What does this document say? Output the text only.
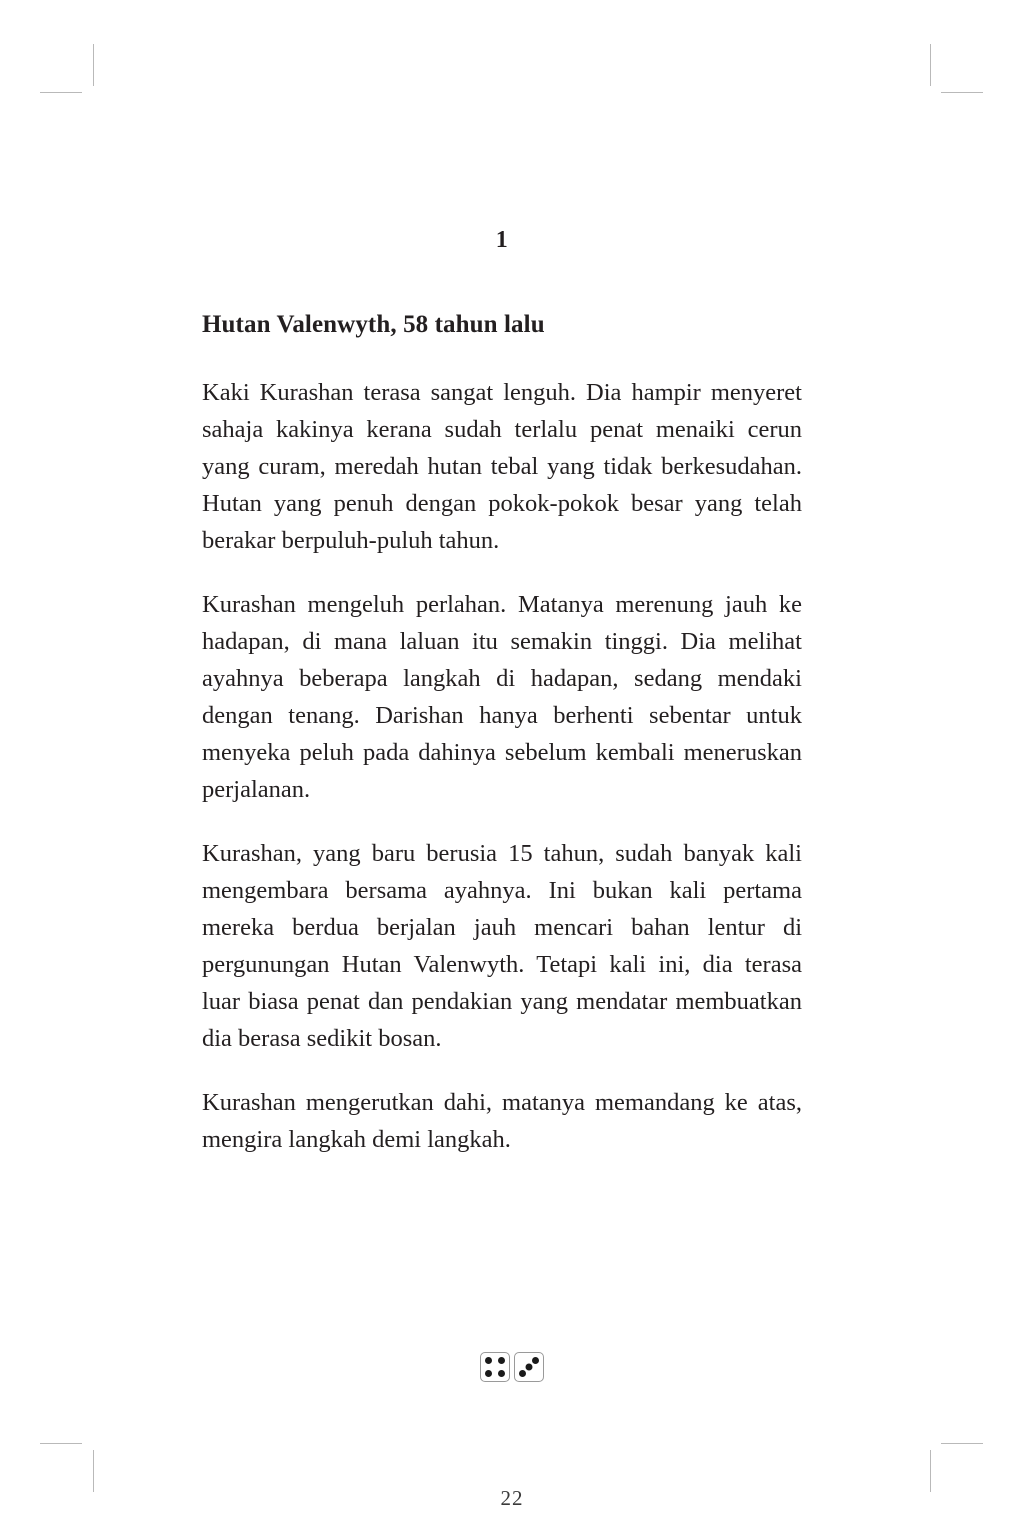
1
Hutan Valenwyth, 58 tahun lalu

Kaki Kurashan terasa sangat lenguh. Dia hampir menyeret sahaja kakinya kerana sudah terlalu penat menaiki cerun yang curam, meredah hutan tebal yang tidak berkesudahan. Hutan yang penuh dengan pokok-pokok besar yang telah berakar berpuluh-puluh tahun.

Kurashan mengeluh perlahan. Matanya merenung jauh ke hadapan, di mana laluan itu semakin tinggi. Dia melihat ayahnya beberapa langkah di hadapan, sedang mendaki dengan tenang. Darishan hanya berhenti sebentar untuk menyeka peluh pada dahinya sebelum kembali meneruskan perjalanan.

Kurashan, yang baru berusia 15 tahun, sudah banyak kali mengembara bersama ayahnya. Ini bukan kali pertama mereka berdua berjalan jauh mencari bahan lentur di pergunungan Hutan Valenwyth. Tetapi kali ini, dia terasa luar biasa penat dan pendakian yang mendatar membuatkan dia berasa sedikit bosan.

Kurashan mengerutkan dahi, matanya memandang ke atas, mengira langkah demi langkah.

22
